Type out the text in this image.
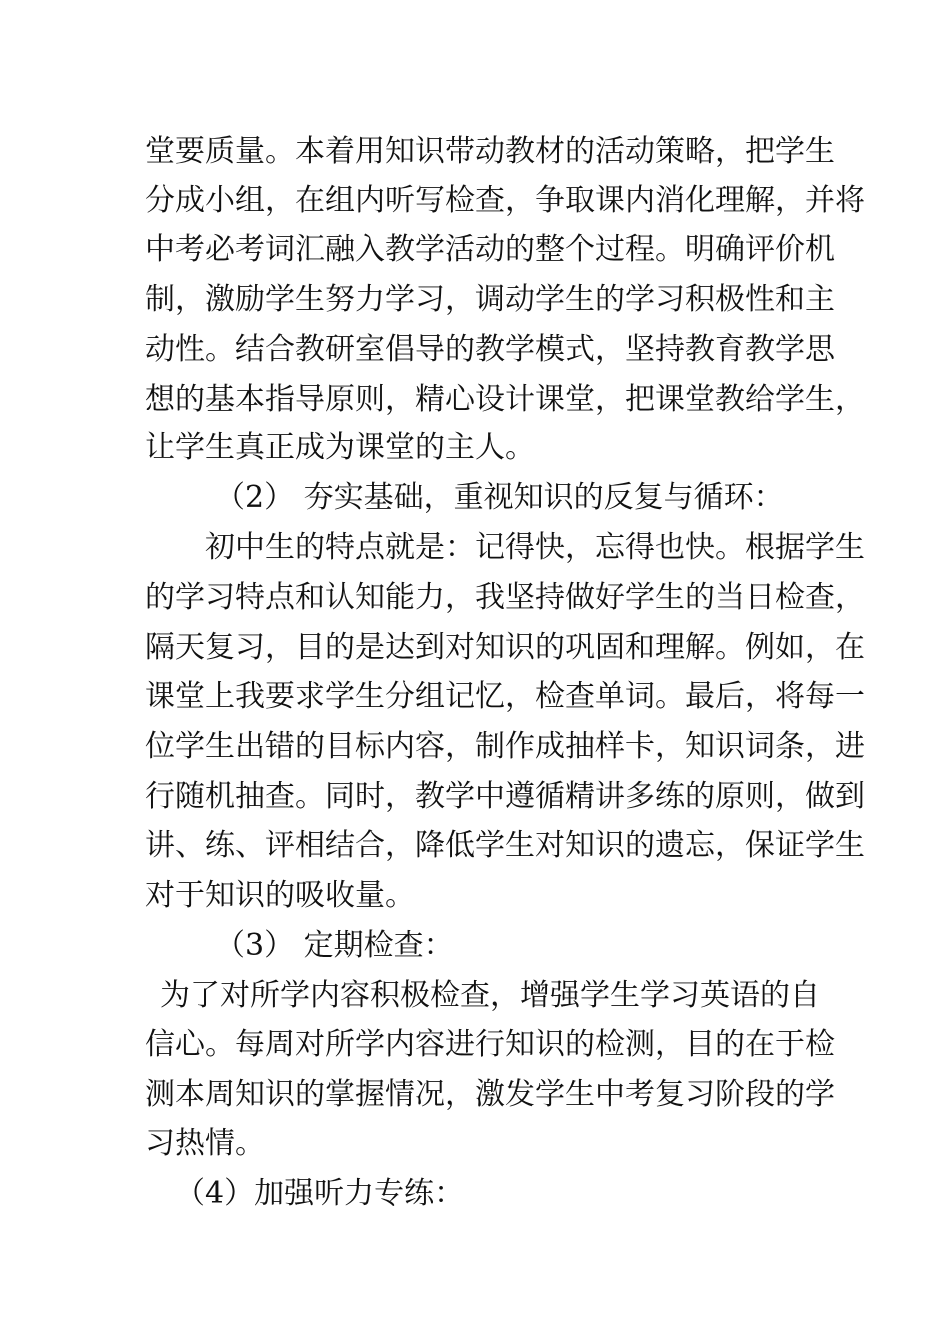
堂要质量。本着用知识带动教材的活动策略，把学生
分成小组，在组内听写检查，争取课内消化理解，并将
中考必考词汇融入教学活动的整个过程。明确评价机
制，激励学生努力学习，调动学生的学习积极性和主
动性。结合教研室倡导的教学模式，坚持教育教学思
想的基本指导原则，精心设计课堂，把课堂教给学生，
让学生真正成为课堂的主人。
（2） 夯实基础，重视知识的反复与循环：
初中生的特点就是：记得快，忘得也快。根据学生
的学习特点和认知能力，我坚持做好学生的当日检查，
隔天复习，目的是达到对知识的巩固和理解。例如，在
课堂上我要求学生分组记忆，检查单词。最后，将每一
位学生出错的目标内容，制作成抽样卡，知识词条，进
行随机抽查。同时，教学中遵循精讲多练的原则，做到
讲、练、评相结合，降低学生对知识的遗忘，保证学生
对于知识的吸收量。
（3） 定期检查：
为了对所学内容积极检查，增强学生学习英语的自
信心。每周对所学内容进行知识的检测，目的在于检
测本周知识的掌握情况，激发学生中考复习阶段的学
习热情。
（4）加强听力专练：
